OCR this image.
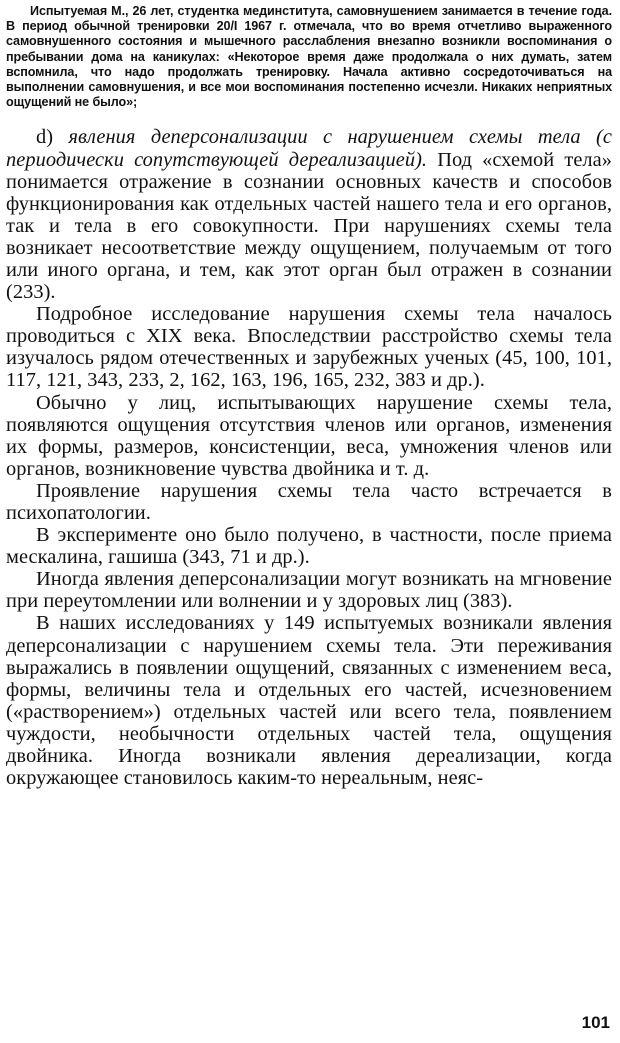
Испытуемая М., 26 лет, студентка мединститута, самовнушением занимается в течение года. В период обычной тренировки 20/I 1967 г. отмечала, что во время отчетливо выраженного самовнушенного состояния и мышечного расслабления внезапно возникли воспоминания о пребывании дома на каникулах: «Некоторое время даже продолжала о них думать, затем вспомнила, что надо продолжать тренировку. Начала активно сосредоточиваться на выполнении самовнушения, и все мои воспоминания постепенно исчезли. Никаких неприятных ощущений не было»;

d) явления деперсонализации с нарушением схемы тела (с периодически сопутствующей дереализацией). Под «схемой тела» понимается отражение в сознании основных качеств и способов функционирования как отдельных частей нашего тела и его органов, так и тела в его совокупности. При нарушениях схемы тела возникает несоответствие между ощущением, получаемым от того или иного органа, и тем, как этот орган был отражен в сознании (233).

Подробное исследование нарушения схемы тела началось проводиться с XIX века. Впоследствии расстройство схемы тела изучалось рядом отечественных и зарубежных ученых (45, 100, 101, 117, 121, 343, 233, 2, 162, 163, 196, 165, 232, 383 и др.).

Обычно у лиц, испытывающих нарушение схемы тела, появляются ощущения отсутствия членов или органов, изменения их формы, размеров, консистенции, веса, умножения членов или органов, возникновение чувства двойника и т. д.

Проявление нарушения схемы тела часто встречается в психопатологии.

В эксперименте оно было получено, в частности, после приема мескалина, гашиша (343, 71 и др.).

Иногда явления деперсонализации могут возникать на мгновение при переутомлении или волнении и у здоровых лиц (383).

В наших исследованиях у 149 испытуемых возникали явления деперсонализации с нарушением схемы тела. Эти переживания выражались в появлении ощущений, связанных с изменением веса, формы, величины тела и отдельных его частей, исчезновением («растворением») отдельных частей или всего тела, появлением чуждости, необычности отдельных частей тела, ощущения двойника. Иногда возникали явления дереализации, когда окружающее становилось каким-то нереальным, неяс-

101
